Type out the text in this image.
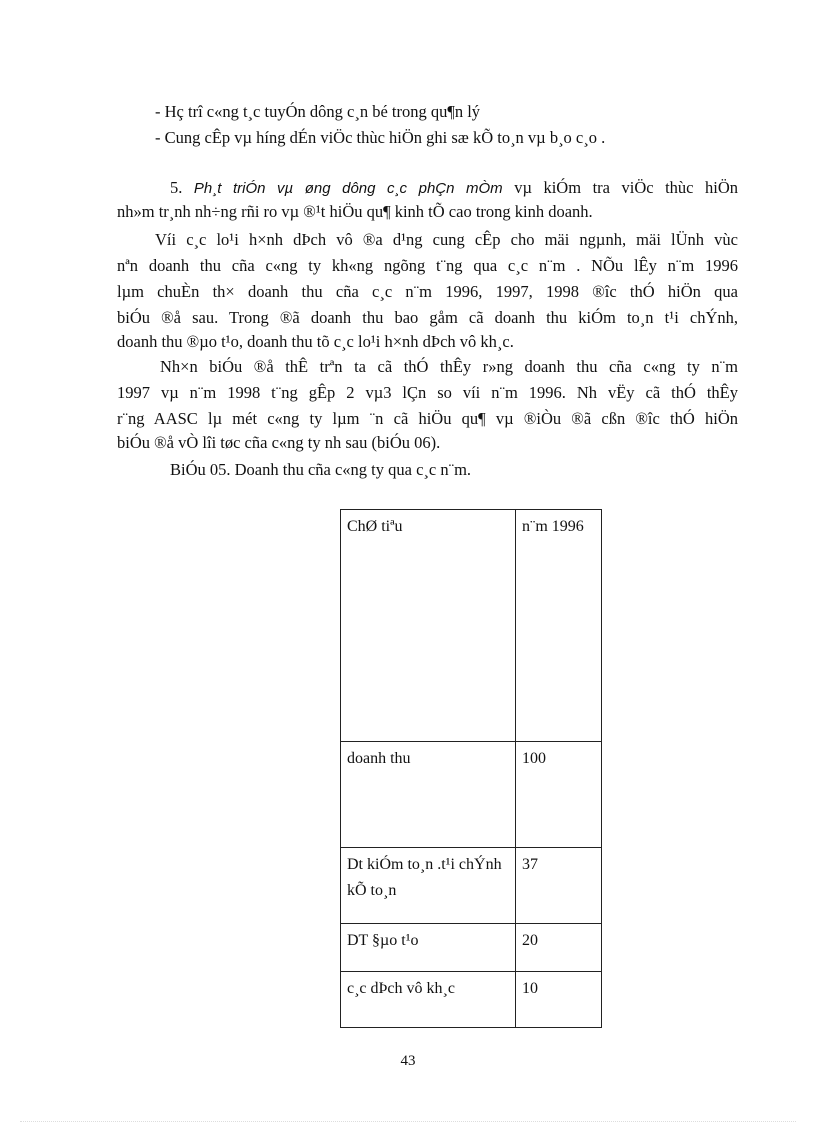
- Hç trî c«ng t¸c tuyÓn dông c¸n bé trong qu¶n lý
- Cung cÊp vµ híng dÉn viÖc thùc hiÖn ghi sæ kÕ to¸n vµ b¸o c¸o .
5. Ph¸t triÓn vµ øng dông c¸c phÇn mÒm vµ kiÓm tra viÖc thùc hiÖn
nh»m tr¸nh nh÷ng rñi ro vµ ®¹t hiÖu qu¶ kinh tÕ cao trong kinh doanh.
Víi c¸c lo¹i h×nh dÞch vô ®a d¹ng cung cÊp cho mäi ngµnh, mäi lÜnh vùc
nªn doanh thu cña c«ng ty kh«ng ngõng t¨ng qua c¸c n¨m . NÕu lÊy n¨m 1996
lµm chuÈn th× doanh thu cña c¸c n¨m 1996, 1997, 1998 ®îc thÓ hiÖn qua
biÓu ®å sau. Trong ®ã doanh thu bao gåm cã doanh thu kiÓm to¸n t¹i chÝnh,
doanh thu ®µo t¹o, doanh thu tõ c¸c lo¹i h×nh dÞch vô kh¸c.
Nh×n biÓu ®å thÊ trªn ta cã thÓ thÊy r»ng doanh thu cña c«ng ty n¨m
1997 vµ n¨m 1998 t¨ng gÊp 2 vµ3 lÇn so víi n¨m 1996. Nh vËy cã thÓ thÊy
r¨ng AASC lµ mét c«ng ty lµm ¨n cã hiÖu qu¶ vµ ®iÒu ®ã cßn ®îc thÓ hiÖn
biÓu ®å vÒ lîi tøc cña c«ng ty nh sau (biÓu 06).
BiÓu 05. Doanh thu cña c«ng ty qua c¸c n¨m.
ChØ tiªu	n¨m 1996
doanh thu	100
Dt kiÓm to¸n .t¹i chÝnh kÕ to¸n	37
DT §µo t¹o	20
c¸c dÞch vô kh¸c	10
43
